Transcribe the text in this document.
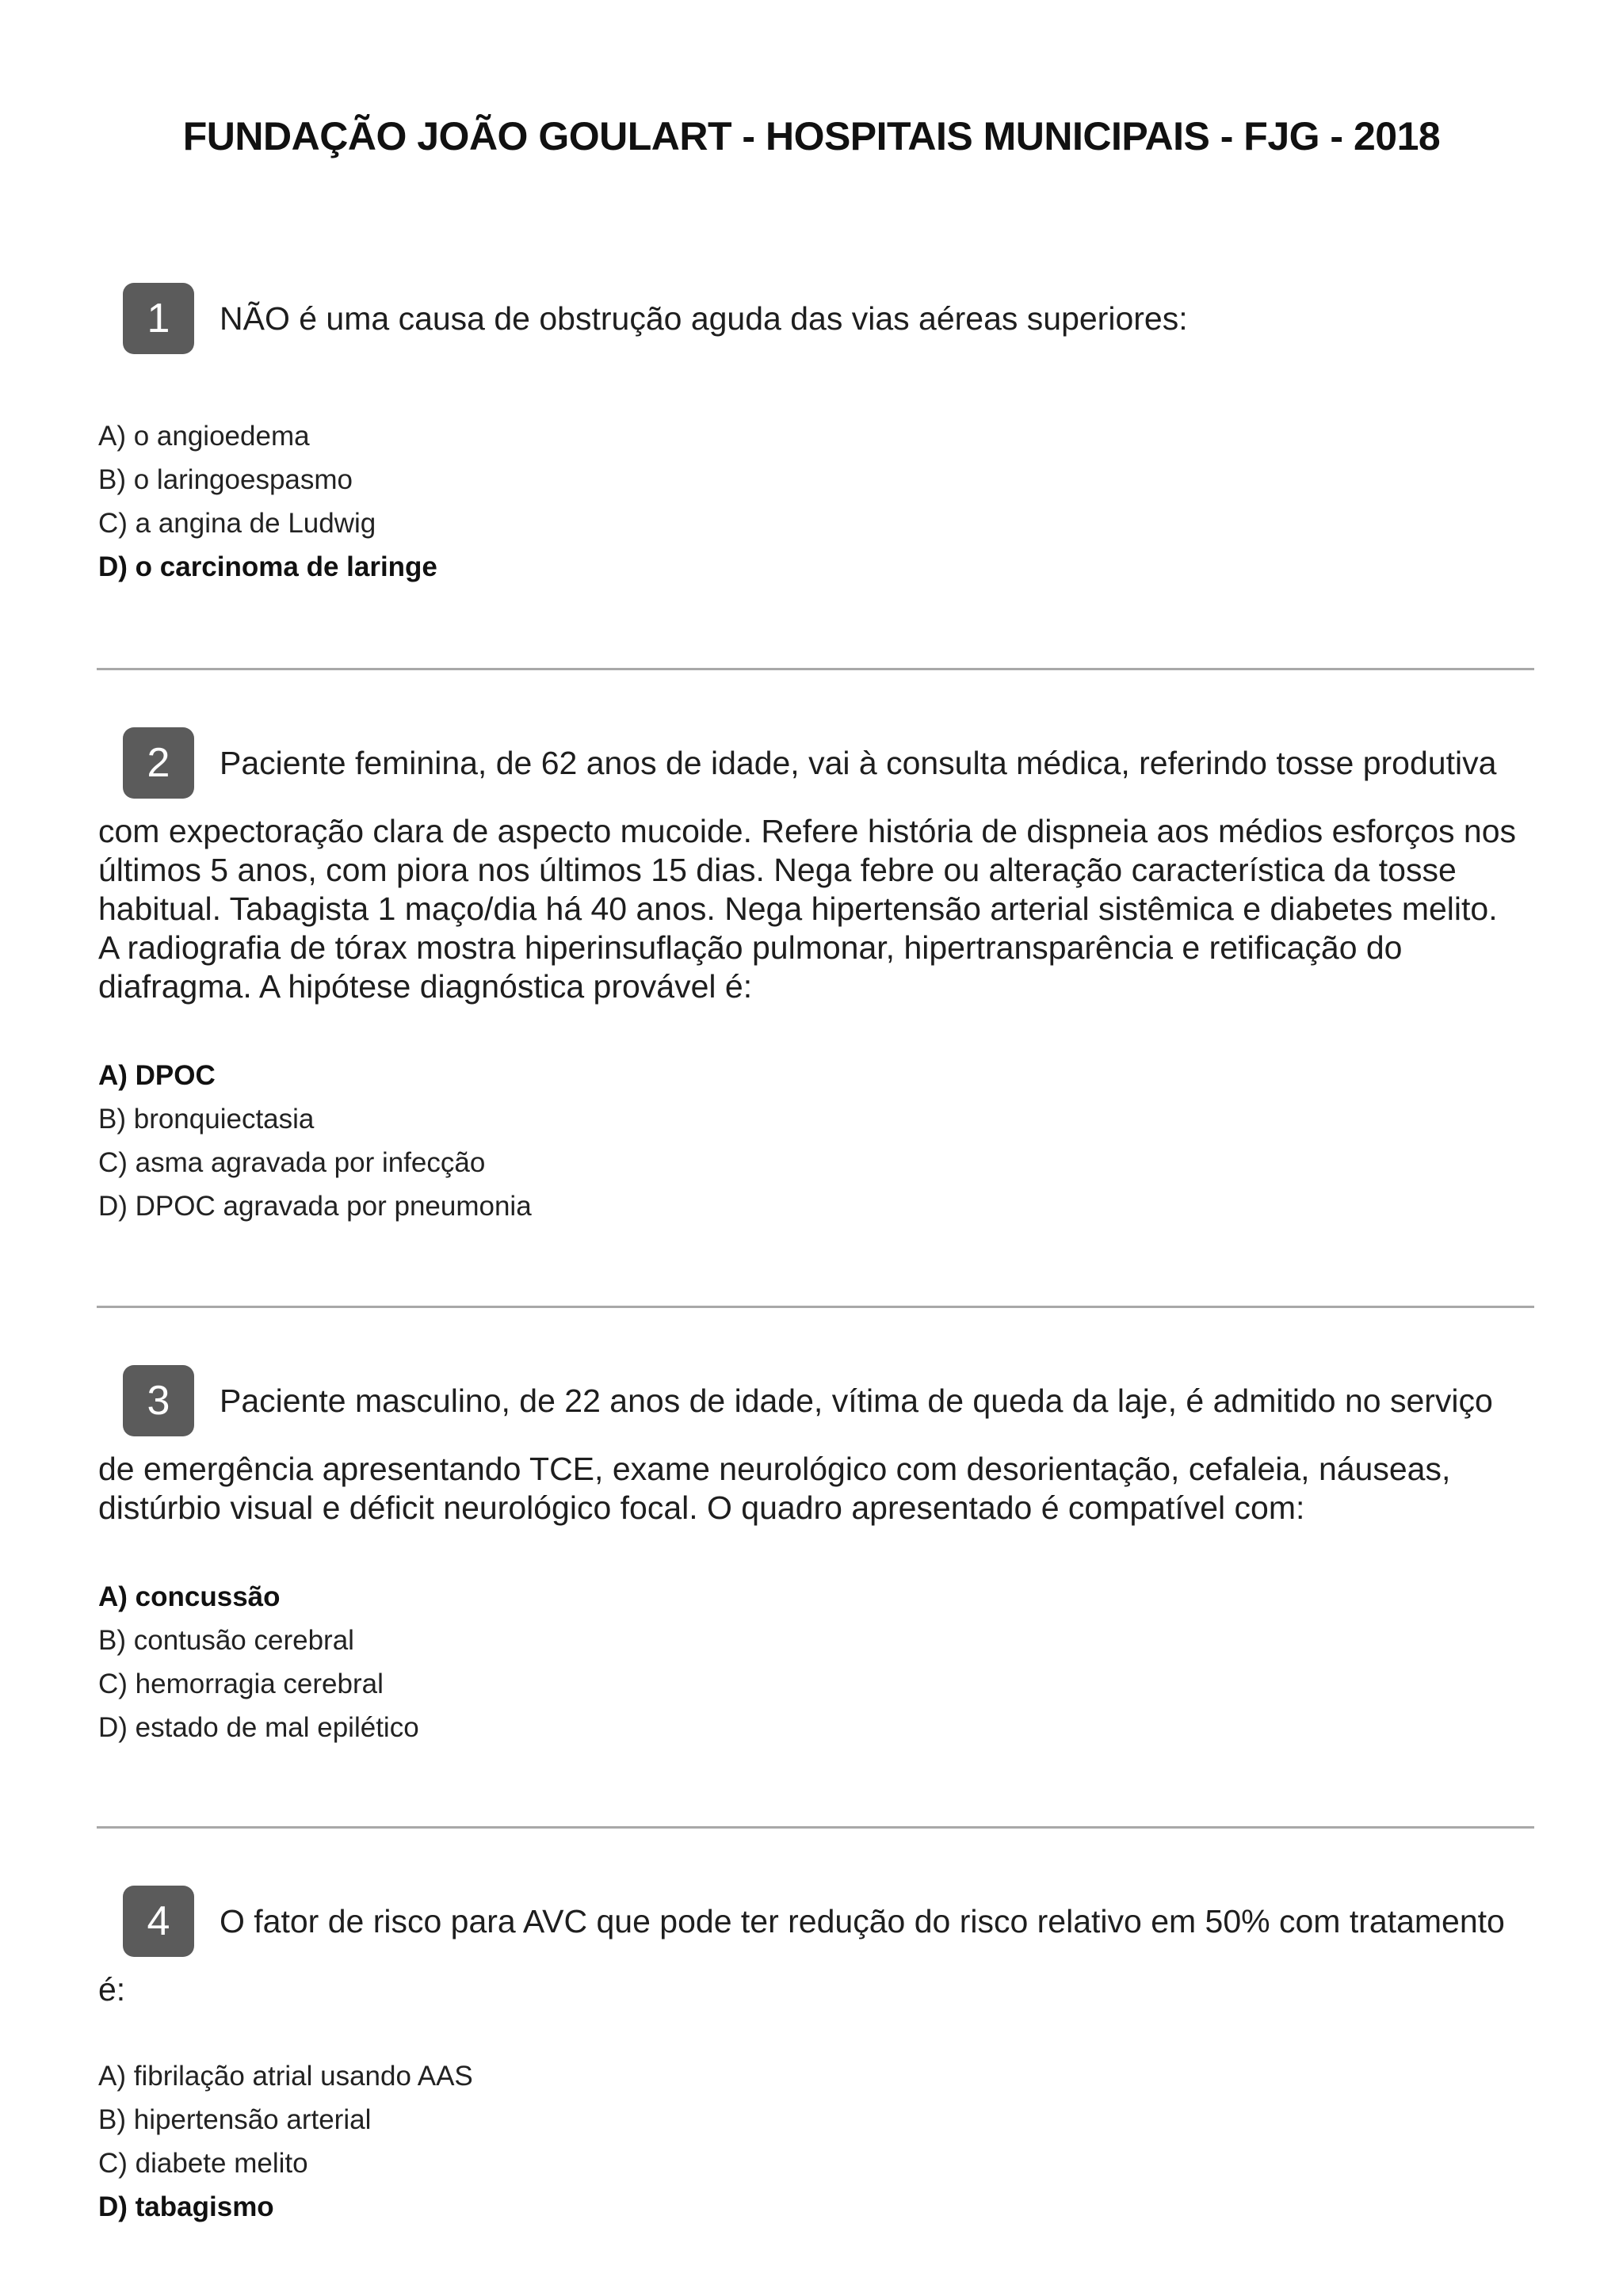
FUNDAÇÃO JOÃO GOULART - HOSPITAIS MUNICIPAIS - FJG - 2018
1	NÃO é uma causa de obstrução aguda das vias aéreas superiores:
A) o angioedema
B) o laringoespasmo
C) a angina de Ludwig
D) o carcinoma de laringe
2	Paciente feminina, de 62 anos de idade, vai à consulta médica, referindo tosse produtiva

com expectoração clara de aspecto mucoide. Refere história de dispneia aos médios esforços nos

últimos 5 anos, com piora nos últimos 15 dias. Nega febre ou alteração característica da tosse

habitual. Tabagista 1 maço/dia há 40 anos. Nega hipertensão arterial sistêmica e diabetes melito.

A radiografia de tórax mostra hiperinsuflação pulmonar, hipertransparência e retificação do

diafragma. A hipótese diagnóstica provável é:

A) DPOC
B) bronquiectasia
C) asma agravada por infecção
D) DPOC agravada por pneumonia
3	Paciente masculino, de 22 anos de idade, vítima de queda da laje, é admitido no serviço

de emergência apresentando TCE, exame neurológico com desorientação, cefaleia, náuseas,

distúrbio visual e déficit neurológico focal. O quadro apresentado é compatível com:

A) concussão
B) contusão cerebral
C) hemorragia cerebral
D) estado de mal epilético
4	O fator de risco para AVC que pode ter redução do risco relativo em 50% com tratamento

é:

A) fibrilação atrial usando AAS
B) hipertensão arterial
C) diabete melito
D) tabagismo
